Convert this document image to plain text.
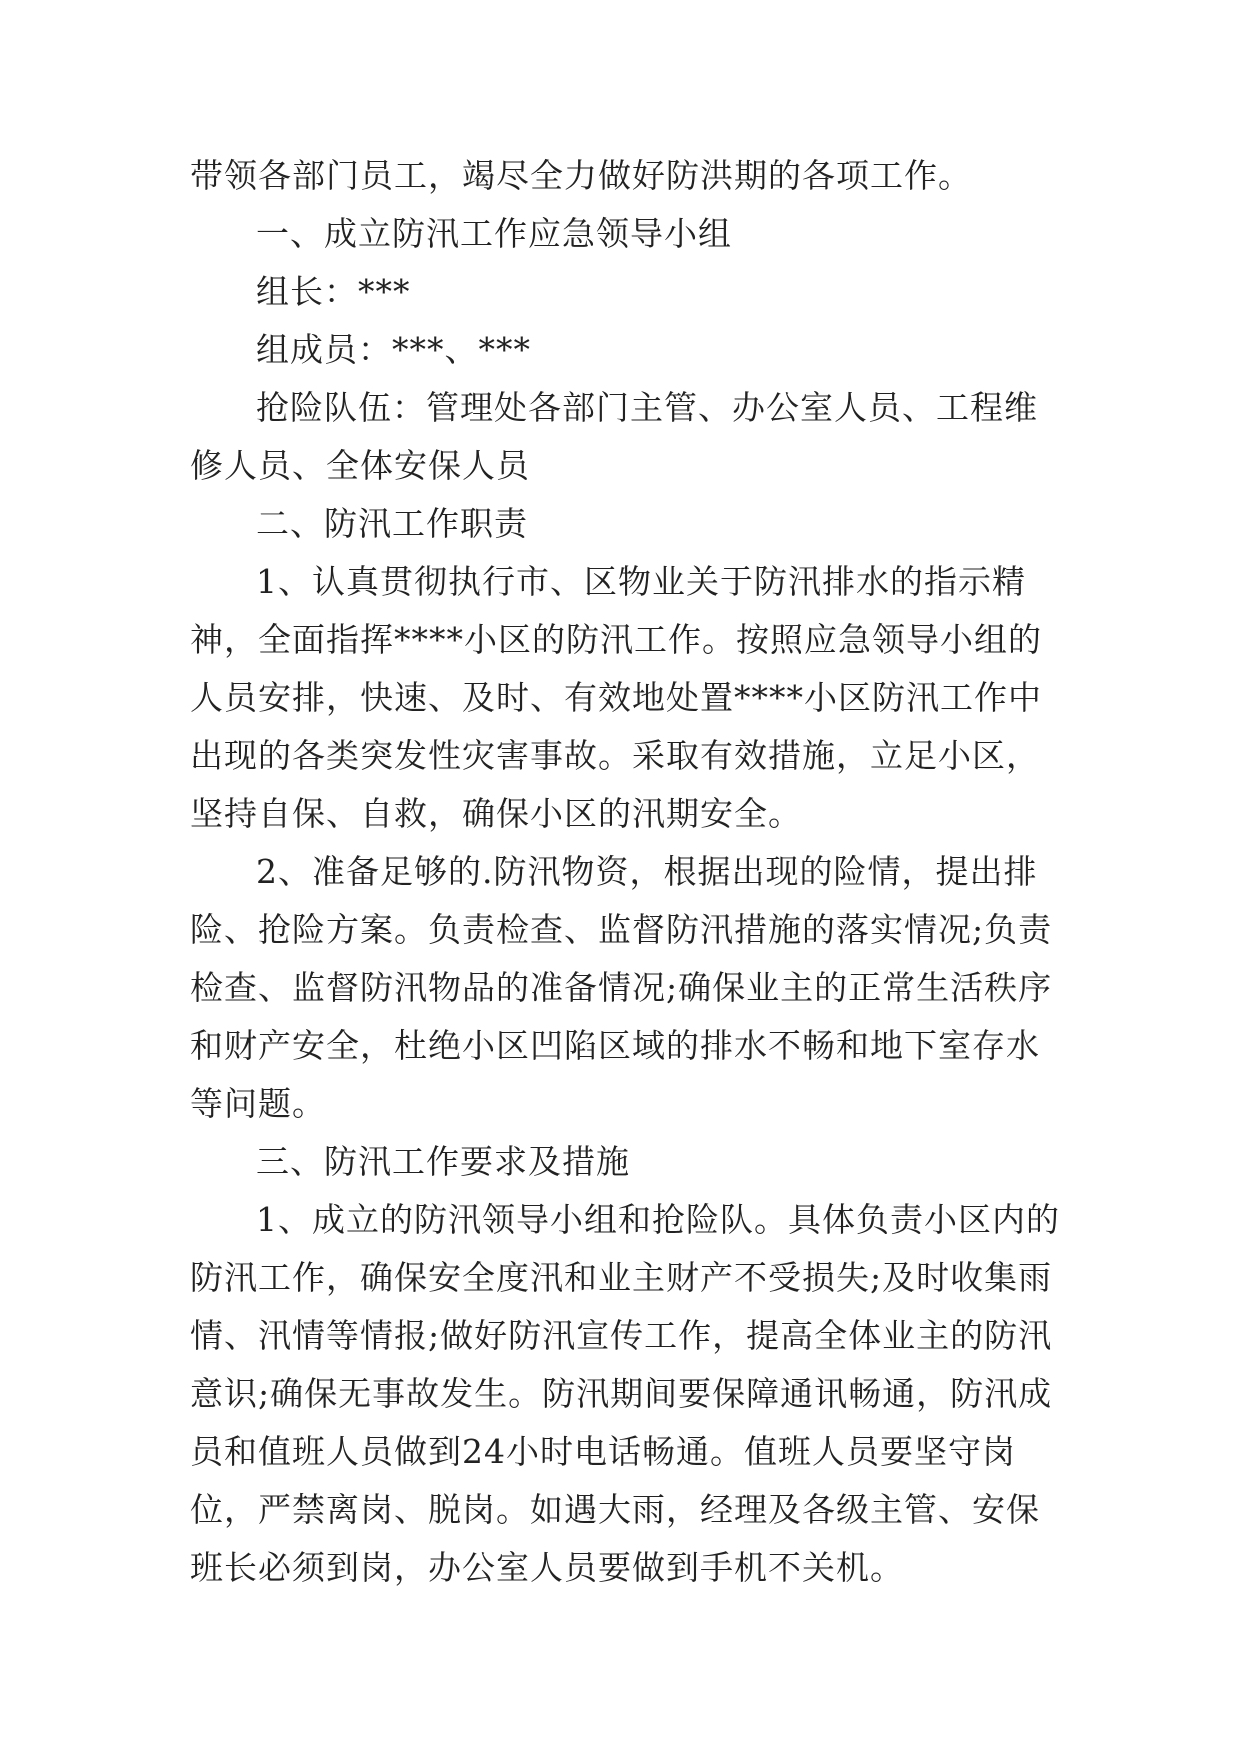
带领各部门员工，竭尽全力做好防洪期的各项工作。

一、成立防汛工作应急领导小组

组长：***

组成员：***、***

抢险队伍：管理处各部门主管、办公室人员、工程维修人员、全体安保人员

二、防汛工作职责

1、认真贯彻执行市、区物业关于防汛排水的指示精神，全面指挥****小区的防汛工作。按照应急领导小组的人员安排，快速、及时、有效地处置****小区防汛工作中出现的各类突发性灾害事故。采取有效措施，立足小区，坚持自保、自救，确保小区的汛期安全。

2、准备足够的.防汛物资，根据出现的险情，提出排险、抢险方案。负责检查、监督防汛措施的落实情况;负责检查、监督防汛物品的准备情况;确保业主的正常生活秩序和财产安全，杜绝小区凹陷区域的排水不畅和地下室存水等问题。

三、防汛工作要求及措施

1、成立的防汛领导小组和抢险队。具体负责小区内的防汛工作，确保安全度汛和业主财产不受损失;及时收集雨情、汛情等情报;做好防汛宣传工作，提高全体业主的防汛意识;确保无事故发生。防汛期间要保障通讯畅通，防汛成员和值班人员做到24小时电话畅通。值班人员要坚守岗位，严禁离岗、脱岗。如遇大雨，经理及各级主管、安保班长必须到岗，办公室人员要做到手机不关机。
